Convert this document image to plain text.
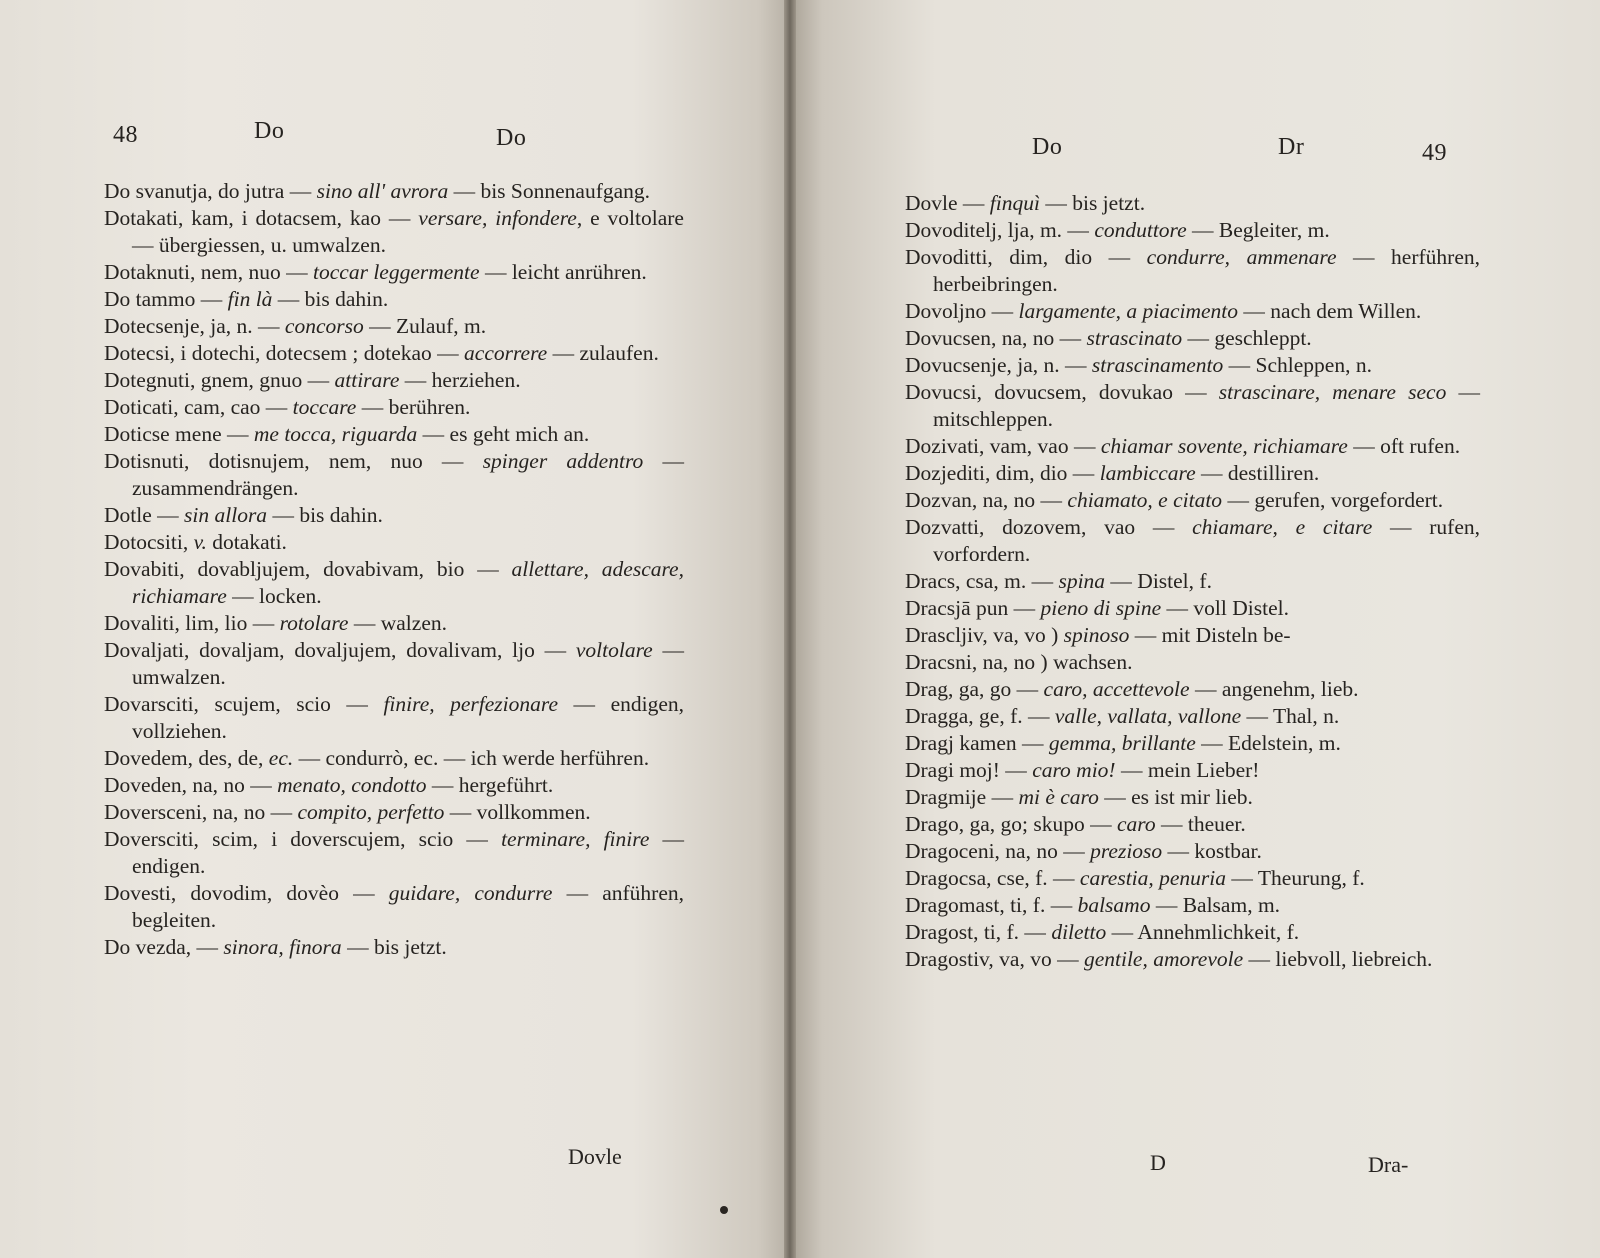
48	Do	Do

Do svanutja, do jutra — sino all' avrora — bis Sonnenaufgang.

Dotakati, kam, i dotacsem, kao — versare, infondere, e voltolare — übergiessen, u. umwalzen.

Dotaknuti, nem, nuo — toccar leggermente — leicht anrühren.

Do tammo — fin là — bis dahin.

Dotecsenje, ja, n. — concorso — Zulauf, m.

Dotecsi, i dotechi, dotecsem ; dotekao — accorrere — zulaufen.

Dotegnuti, gnem, gnuo — attirare — herziehen.

Doticati, cam, cao — toccare — berühren.

Doticse mene — me tocca, riguarda — es geht mich an.

Dotisnuti, dotisnujem, nem, nuo — spinger addentro — zusammendrängen.

Dotle — sin allora — bis dahin.

Dotocsiti, v. dotakati.

Dovabiti, dovabljujem, dovabivam, bio — allettare, adescare, richiamare — locken.

Dovaliti, lim, lio — rotolare — walzen.

Dovaljati, dovaljam, dovaljujem, dovalivam, ljo — voltolare — umwalzen.

Dovarsciti, scujem, scio — finire, perfezionare — endigen, vollziehen.

Dovedem, des, de, ec. — condurrò, ec. — ich werde herführen.

Doveden, na, no — menato, condotto — hergeführt.

Doversceni, na, no — compito, perfetto — vollkommen.

Doversciti, scim, i doverscujem, scio — terminare, finire — endigen.

Dovesti, dovodim, dovèo — guidare, condurre — anführen, begleiten.

Do vezda, — sinora, finora — bis jetzt.

Dovle
Do	Dr	49

Dovle — finquì — bis jetzt.

Dovoditelj, lja, m. — conduttore — Begleiter, m.

Dovoditti, dim, dio — condurre, ammenare — herführen, herbeibringen.

Dovoljno — largamente, a piacimento — nach dem Willen.

Dovucsen, na, no — strascinato — geschleppt.

Dovucsenje, ja, n. — strascinamento — Schleppen, n.

Dovucsi, dovucsem, dovukao — strascinare, menare seco — mitschleppen.

Dozivati, vam, vao — chiamar sovente, richiamare — oft rufen.

Dozjediti, dim, dio — lambiccare — destilliren.

Dozvan, na, no — chiamato, e citato — gerufen, vorgefordert.

Dozvatti, dozovem, vao — chiamare, e citare — rufen, vorfordern.

Dracs, csa, m. — spina — Distel, f.

Dracsjā pun — pieno di spine — voll Distel.

Drascljiv, va, vo ) spinoso — mit Disteln be-

Dracsni, na, no ) wachsen.

Drag, ga, go — caro, accettevole — angenehm, lieb.

Dragga, ge, f. — valle, vallata, vallone — Thal, n.

Dragj kamen — gemma, brillante — Edelstein, m.

Dragi moj! — caro mio! — mein Lieber!

Dragmije — mi è caro — es ist mir lieb.

Drago, ga, go; skupo — caro — theuer.

Dragoceni, na, no — prezioso — kostbar.

Dragocsa, cse, f. — carestia, penuria — Theurung, f.

Dragomast, ti, f. — balsamo — Balsam, m.

Dragost, ti, f. — diletto — Annehmlichkeit, f.

Dragostiv, va, vo — gentile, amorevole — liebvoll, liebreich.

D	Dra-
